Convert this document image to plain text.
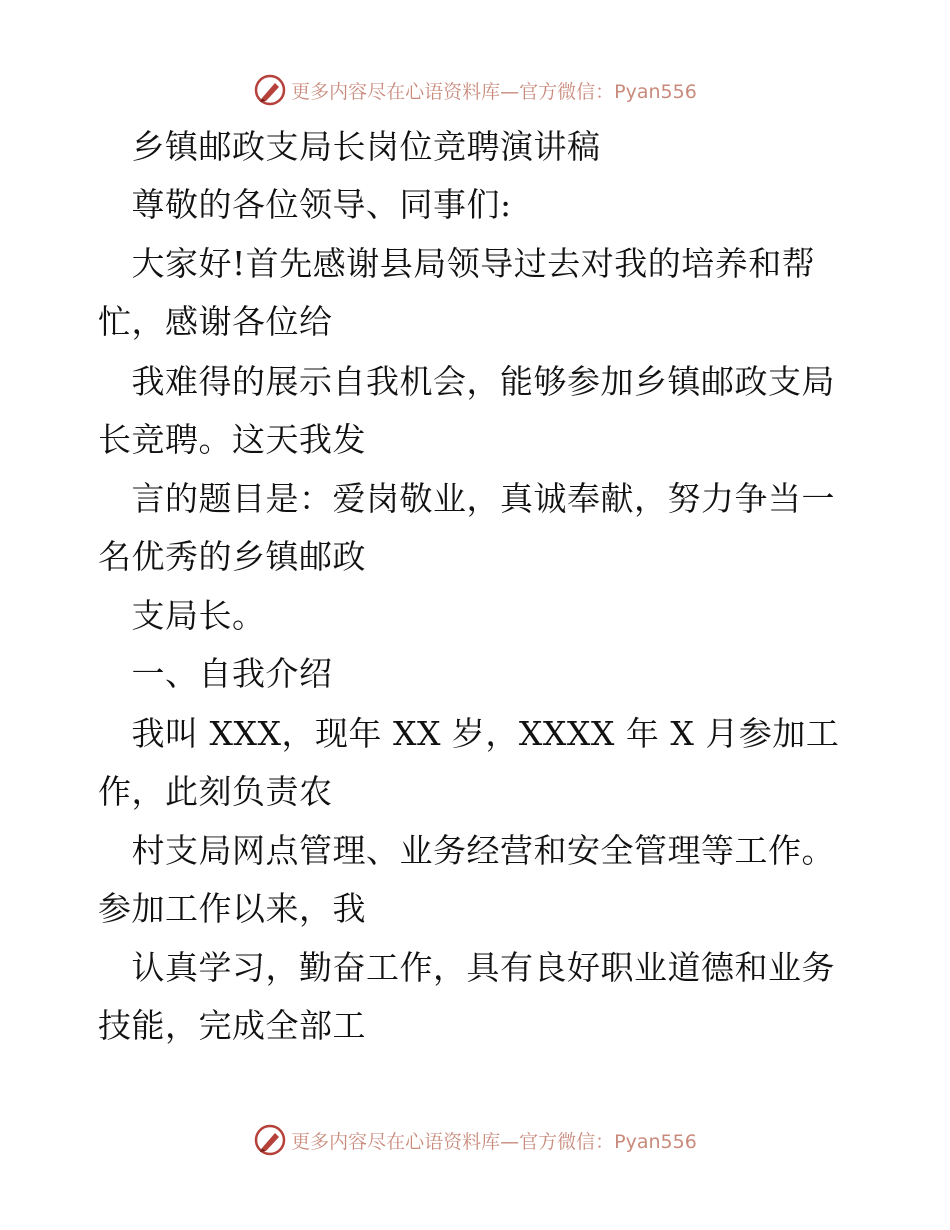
更多内容尽在心语资料库—官方微信：Pyan556
　乡镇邮政支局长岗位竞聘演讲稿
　尊敬的各位领导、同事们:
　大家好!首先感谢县局领导过去对我的培养和帮
忙，感谢各位给
　我难得的展示自我机会，能够参加乡镇邮政支局
长竞聘。这天我发
　言的题目是：爱岗敬业，真诚奉献，努力争当一
名优秀的乡镇邮政
　支局长。
　一、自我介绍
　我叫 XXX，现年 XX 岁，XXXX 年 X 月参加工
作，此刻负责农
　村支局网点管理、业务经营和安全管理等工作。
参加工作以来，我
　认真学习，勤奋工作，具有良好职业道德和业务
技能，完成全部工
更多内容尽在心语资料库—官方微信：Pyan556
